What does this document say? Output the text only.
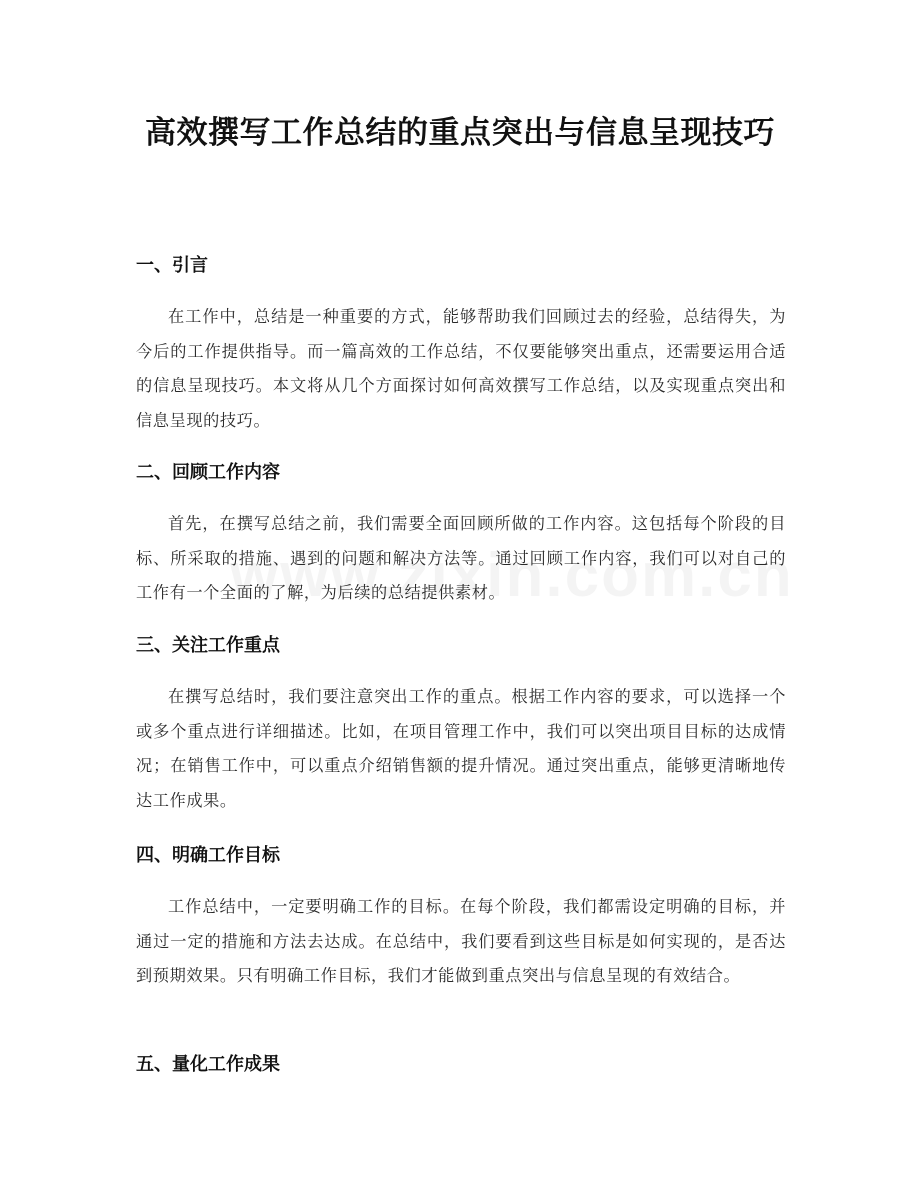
高效撰写工作总结的重点突出与信息呈现技巧
一、引言

在工作中，总结是一种重要的方式，能够帮助我们回顾过去的经验，总结得失，为今后的工作提供指导。而一篇高效的工作总结，不仅要能够突出重点，还需要运用合适的信息呈现技巧。本文将从几个方面探讨如何高效撰写工作总结，以及实现重点突出和信息呈现的技巧。

二、回顾工作内容

首先，在撰写总结之前，我们需要全面回顾所做的工作内容。这包括每个阶段的目标、所采取的措施、遇到的问题和解决方法等。通过回顾工作内容，我们可以对自己的工作有一个全面的了解，为后续的总结提供素材。

三、关注工作重点

在撰写总结时，我们要注意突出工作的重点。根据工作内容的要求，可以选择一个或多个重点进行详细描述。比如，在项目管理工作中，我们可以突出项目目标的达成情况；在销售工作中，可以重点介绍销售额的提升情况。通过突出重点，能够更清晰地传达工作成果。

四、明确工作目标

工作总结中，一定要明确工作的目标。在每个阶段，我们都需设定明确的目标，并通过一定的措施和方法去达成。在总结中，我们要看到这些目标是如何实现的，是否达到预期效果。只有明确工作目标，我们才能做到重点突出与信息呈现的有效结合。

五、量化工作成果
